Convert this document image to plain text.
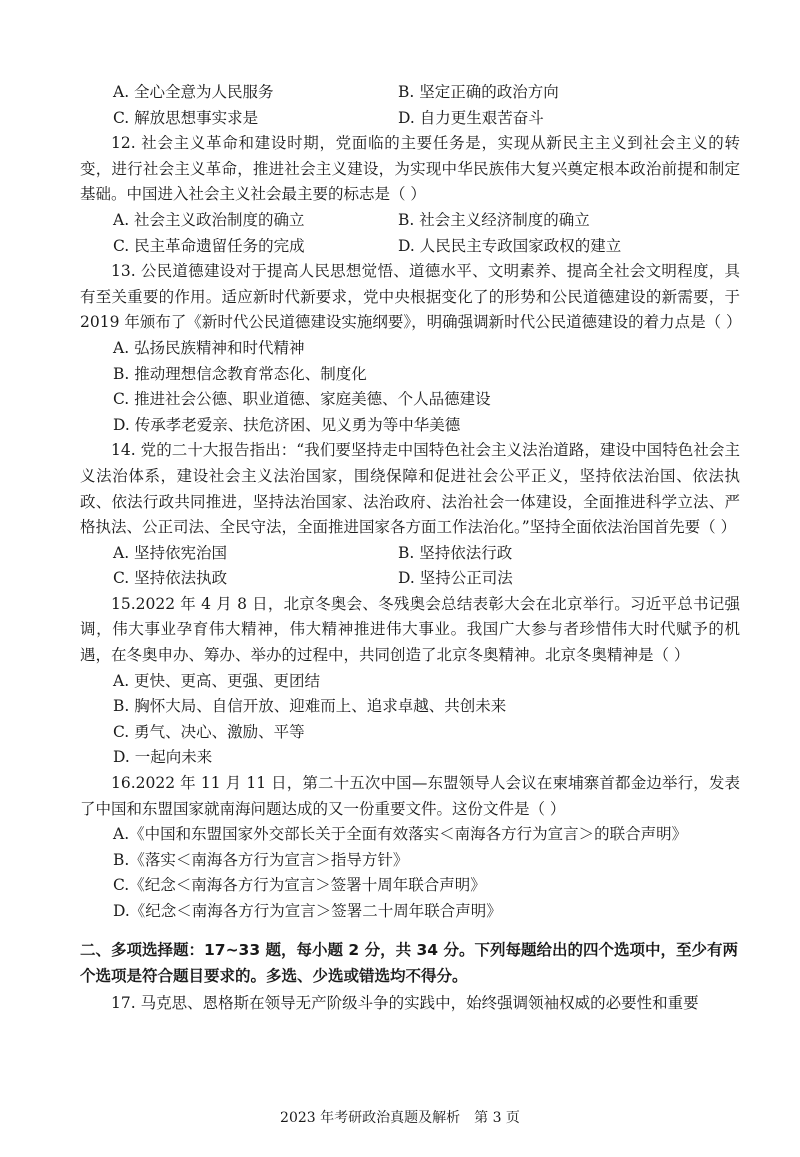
A. 全心全意为人民服务	B. 坚定正确的政治方向
C. 解放思想事实求是	D. 自力更生艰苦奋斗

12. 社会主义革命和建设时期，党面临的主要任务是，实现从新民主主义到社会主义的转变，进行社会主义革命，推进社会主义建设，为实现中华民族伟大复兴奠定根本政治前提和制定基础。中国进入社会主义社会最主要的标志是（ ）

A. 社会主义政治制度的确立	B. 社会主义经济制度的确立
C. 民主革命遗留任务的完成	D. 人民民主专政国家政权的建立

13. 公民道德建设对于提高人民思想觉悟、道德水平、文明素养、提高全社会文明程度，具有至关重要的作用。适应新时代新要求，党中央根据变化了的形势和公民道德建设的新需要，于 2019 年颁布了《新时代公民道德建设实施纲要》，明确强调新时代公民道德建设的着力点是（ ）

A. 弘扬民族精神和时代精神
B. 推动理想信念教育常态化、制度化
C. 推进社会公德、职业道德、家庭美德、个人品德建设
D. 传承孝老爱亲、扶危济困、见义勇为等中华美德

14. 党的二十大报告指出：“我们要坚持走中国特色社会主义法治道路，建设中国特色社会主义法治体系，建设社会主义法治国家，围绕保障和促进社会公平正义，坚持依法治国、依法执政、依法行政共同推进，坚持法治国家、法治政府、法治社会一体建设，全面推进科学立法、严格执法、公正司法、全民守法，全面推进国家各方面工作法治化。”坚持全面依法治国首先要（ ）

A. 坚持依宪治国	B. 坚持依法行政
C. 坚持依法执政	D. 坚持公正司法

15.2022 年 4 月 8 日，北京冬奥会、冬残奥会总结表彰大会在北京举行。习近平总书记强调，伟大事业孕育伟大精神，伟大精神推进伟大事业。我国广大参与者珍惜伟大时代赋予的机遇，在冬奥申办、筹办、举办的过程中，共同创造了北京冬奥精神。北京冬奥精神是（ ）

A. 更快、更高、更强、更团结
B. 胸怀大局、自信开放、迎难而上、追求卓越、共创未来
C. 勇气、决心、激励、平等
D. 一起向未来

16.2022 年 11 月 11 日，第二十五次中国—东盟领导人会议在柬埔寨首都金边举行，发表了中国和东盟国家就南海问题达成的又一份重要文件。这份文件是（ ）

A.《中国和东盟国家外交部长关于全面有效落实＜南海各方行为宣言＞的联合声明》
B.《落实＜南海各方行为宣言＞指导方针》
C.《纪念＜南海各方行为宣言＞签署十周年联合声明》
D.《纪念＜南海各方行为宣言＞签署二十周年联合声明》
二、多项选择题：17~33 题，每小题 2 分，共 34 分。下列每题给出的四个选项中，至少有两个选项是符合题目要求的。多选、少选或错选均不得分。

17. 马克思、恩格斯在领导无产阶级斗争的实践中，始终强调领袖权威的必要性和重要

2023 年考研政治真题及解析　第 3 页
